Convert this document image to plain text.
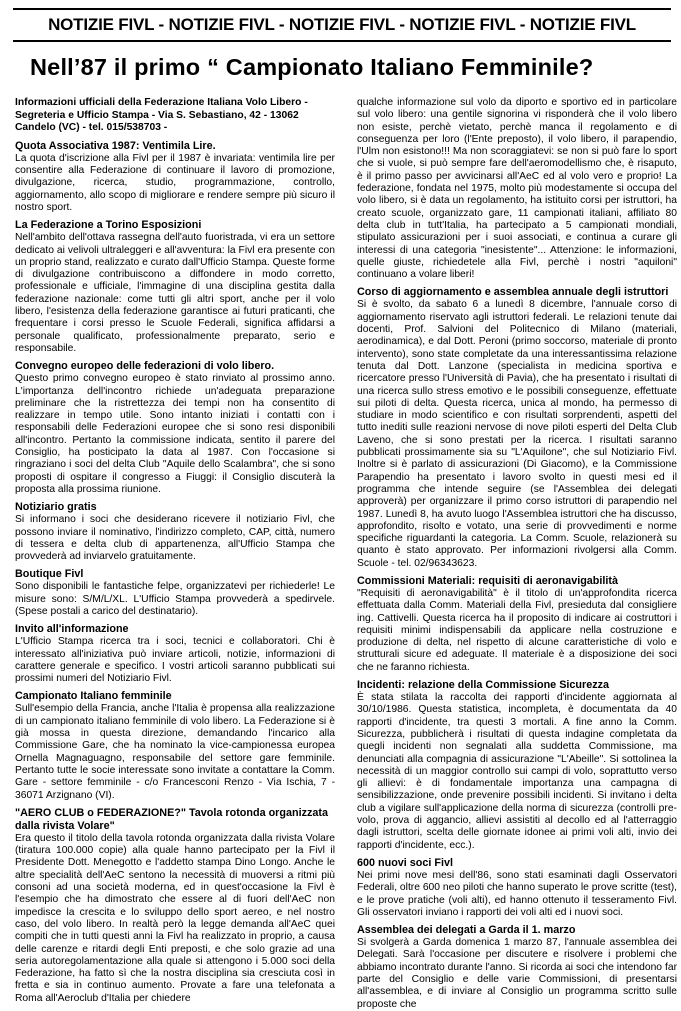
NOTIZIE FIVL - NOTIZIE FIVL - NOTIZIE FIVL - NOTIZIE FIVL - NOTIZIE FIVL
Nell’87 il primo “ Campionato Italiano Femminile?

Informazioni ufficiali della Federazione Italiana Volo Libero - Segreteria e Ufficio Stampa - Via S. Sebastiano, 42 - 13062 Candelo (VC) - tel. 015/538703 -

Quota Associativa 1987: Ventimila Lire.

La quota d'iscrizione alla Fivl per il 1987 è invariata: ventimila lire per consentire alla Federazione di continuare il lavoro di promozione, divulgazione, ricerca, studio, programmazione, controllo, aggiornamento, allo scopo di migliorare e rendere sempre più sicuro il nostro sport.

La Federazione a Torino Esposizioni

Nell'ambito dell'ottava rassegna dell'auto fuoristrada, vi era un settore dedicato ai velivoli ultraleggeri e all'avventura: la Fivl era presente con un proprio stand, realizzato e curato dall'Ufficio Stampa. Queste forme di divulgazione contribuiscono a diffondere in modo corretto, professionale e ufficiale, l'immagine di una disciplina gestita dalla federazione nazionale: come tutti gli altri sport, anche per il volo libero, l'esistenza della federazione garantisce ai futuri praticanti, che frequentare i corsi presso le Scuole Federali, significa affidarsi a personale qualificato, professionalmente preparato, serio e responsabile.

Convegno europeo delle federazioni di volo libero.

Questo primo convegno europeo è stato rinviato al prossimo anno. L'importanza dell'incontro richiede un'adeguata preparazione preliminare che la ristrettezza dei tempi non ha consentito di realizzare in tempo utile. Sono intanto iniziati i contatti con i responsabili delle Federazioni europee che si sono resi disponibili all'incontro. Pertanto la commissione indicata, sentito il parere del Consiglio, ha posticipato la data al 1987. Con l'occasione si ringraziano i soci del delta Club "Aquile dello Scalambra", che si sono proposti di ospitare il congresso a Fiuggi: il Consiglio discuterà la proposta alla prossima riunione.

Notiziario gratis

Si informano i soci che desiderano ricevere il notiziario Fivl, che possono inviare il nominativo, l'indirizzo completo, CAP, città, numero di tessera e delta club di appartenenza, all'Ufficio Stampa che provvederà ad inviarvelo gratuitamente.

Boutique Fivl

Sono disponibili le fantastiche felpe, organizzatevi per richiederle! Le misure sono: S/M/L/XL. L'Ufficio Stampa provvederà a spedirvele. (Spese postali a carico del destinatario).

Invito all'informazione

L'Ufficio Stampa ricerca tra i soci, tecnici e collaboratori. Chi è interessato all'iniziativa può inviare articoli, notizie, informazioni di carattere generale e specifico. I vostri articoli saranno pubblicati sui prossimi numeri del Notiziario Fivl.

Campionato Italiano femminile

Sull'esempio della Francia, anche l'Italia è propensa alla realizzazione di un campionato italiano femminile di volo libero. La Federazione si è già mossa in questa direzione, demandando l'incarico alla Commissione Gare, che ha nominato la vice-campionessa europea Ornella Magnaguagno, responsabile del settore gare femminile. Pertanto tutte le socie interessate sono invitate a contattare la Comm. Gare - settore femminile - c/o Francesconi Renzo - Via Ischia, 7 - 36071 Arzignano (VI).

"AERO CLUB o FEDERAZIONE?" Tavola rotonda organizzata dalla rivista Volare"

Era questo il titolo della tavola rotonda organizzata dalla rivista Volare (tiratura 100.000 copie) alla quale hanno partecipato per la Fivl il Presidente Dott. Menegotto e l'addetto stampa Dino Longo. Anche le altre specialità dell'AeC sentono la necessità di muoversi a ritmi più consoni ad una società moderna, ed in quest'occasione la Fivl è l'esempio che ha dimostrato che essere al di fuori dell'AeC non impedisce la crescita e lo sviluppo dello sport aereo, e nel nostro caso, del volo libero. In realtà però la legge demanda all'AeC quei compiti che in tutti questi anni la Fivl ha realizzato in proprio, a causa delle carenze e ritardi degli Enti preposti, e che solo grazie ad una seria autoregolamentazione alla quale si attengono i 5.000 soci della Federazione, ha fatto sì che la nostra disciplina sia cresciuta così in fretta e sia in continuo aumento. Provate a fare una telefonata a Roma all'Aeroclub d'Italia per chiedere

qualche informazione sul volo da diporto e sportivo ed in particolare sul volo libero: una gentile signorina vi risponderà che il volo libero non esiste, perchè vietato, perchè manca il regolamento e di conseguenza per loro (l'Ente preposto), il volo libero, il parapendio, l'Ulm non esistono!!! Ma non scoraggiatevi: se non si può fare lo sport che si vuole, si può sempre fare dell'aeromodellismo che, è risaputo, è il primo passo per avvicinarsi all'AeC ed al volo vero e proprio! La federazione, fondata nel 1975, molto più modestamente si occupa del volo libero, si è data un regolamento, ha istituito corsi per istruttori, ha creato scuole, organizzato gare, 11 campionati italiani, affiliato 80 delta club in tutt'Italia, ha partecipato a 5 campionati mondiali, stipulato assicurazioni per i suoi associati, e continua a curare gli interessi di una categoria "inesistente"... Attenzione: le informazioni, quelle giuste, richiedetele alla Fivl, perchè i nostri "aquiloni" continuano a volare liberi!

Corso di aggiornamento e assemblea annuale degli istruttori

Si è svolto, da sabato 6 a lunedì 8 dicembre, l'annuale corso di aggiornamento riservato agli istruttori federali. Le relazioni tenute dai docenti, Prof. Salvioni del Politecnico di Milano (materiali, aerodinamica), e dal Dott. Peroni (primo soccorso, materiale di pronto intervento), sono state completate da una interessantissima relazione tenuta dal Dott. Lanzone (specialista in medicina sportiva e ricercatore presso l'Università di Pavia), che ha presentato i risultati di una ricerca sullo stress emotivo e le possibili conseguenze, effettuate sui piloti di delta. Questa ricerca, unica al mondo, ha permesso di studiare in modo scientifico e con risultati sorprendenti, aspetti del tutto inediti sulle reazioni nervose di nove piloti esperti del Delta Club Laveno, che si sono prestati per la ricerca. I risultati saranno pubblicati prossimamente sia su "L'Aquilone", che sul Notiziario Fivl. Inoltre si è parlato di assicurazioni (Di Giacomo), e la Commissione Parapendio ha presentato i lavoro svolto in questi mesi ed il programma che intende seguire (se l'Assemblea dei delegati approverà) per organizzare il primo corso istruttori di parapendio nel 1987. Lunedì 8, ha avuto luogo l'Assemblea istruttori che ha discusso, approfondito, risolto e votato, una serie di provvedimenti e norme specifiche riguardanti la categoria. La Comm. Scuole, relazionerà su quanto è stato approvato. Per informazioni rivolgersi alla Comm. Scuole - tel. 02/96343623.

Commissioni Materiali: requisiti di aeronavigabilità

"Requisiti di aeronavigabilità" è il titolo di un'approfondita ricerca effettuata dalla Comm. Materiali della Fivl, presieduta dal consigliere ing. Cattivelli. Questa ricerca ha il proposito di indicare ai costruttori i requisiti minimi indispensabili da applicare nella costruzione e produzione di delta, nel rispetto di alcune caratteristiche di volo e strutturali sicure ed adeguate. Il materiale è a disposizione dei soci che ne faranno richiesta.

Incidenti: relazione della Commissione Sicurezza

È stata stilata la raccolta dei rapporti d'incidente aggiornata al 30/10/1986. Questa statistica, incompleta, è documentata da 40 rapporti d'incidente, tra questi 3 mortali. A fine anno la Comm. Sicurezza, pubblicherà i risultati di questa indagine completata da quegli incidenti non segnalati alla suddetta Commissione, ma denunciati alla compagnia di assicurazione "L'Abeille". Si sottolinea la necessità di un maggior controllo sui campi di volo, soprattutto verso gli allievi: è di fondamentale importanza una campagna di sensibilizzazione, onde prevenire possibili incidenti. Si invitano i delta club a vigilare sull'applicazione della norma di sicurezza (controlli pre-volo, prova di aggancio, allievi assistiti al decollo ed al l'atterraggio dagli istruttori, scelta delle giornate idonee ai primi voli alti, invio dei rapporti d'incidente, ecc.).

600 nuovi soci Fivl

Nei primi nove mesi dell'86, sono stati esaminati dagli Osservatori Federali, oltre 600 neo piloti che hanno superato le prove scritte (test), e le prove pratiche (voli alti), ed hanno ottenuto il tesseramento Fivl. Gli osservatori inviano i rapporti dei voli alti ed i nuovi soci.

Assemblea dei delegati a Garda il 1. marzo

Si svolgerà a Garda domenica 1 marzo 87, l'annuale assemblea dei Delegati. Sarà l'occasione per discutere e risolvere i problemi che abbiamo incontrato durante l'anno. Si ricorda ai soci che intendono far parte del Consiglio e delle varie Commissioni, di presentarsi all'assemblea, e di inviare al Consiglio un programma scritto sulle proposte che
